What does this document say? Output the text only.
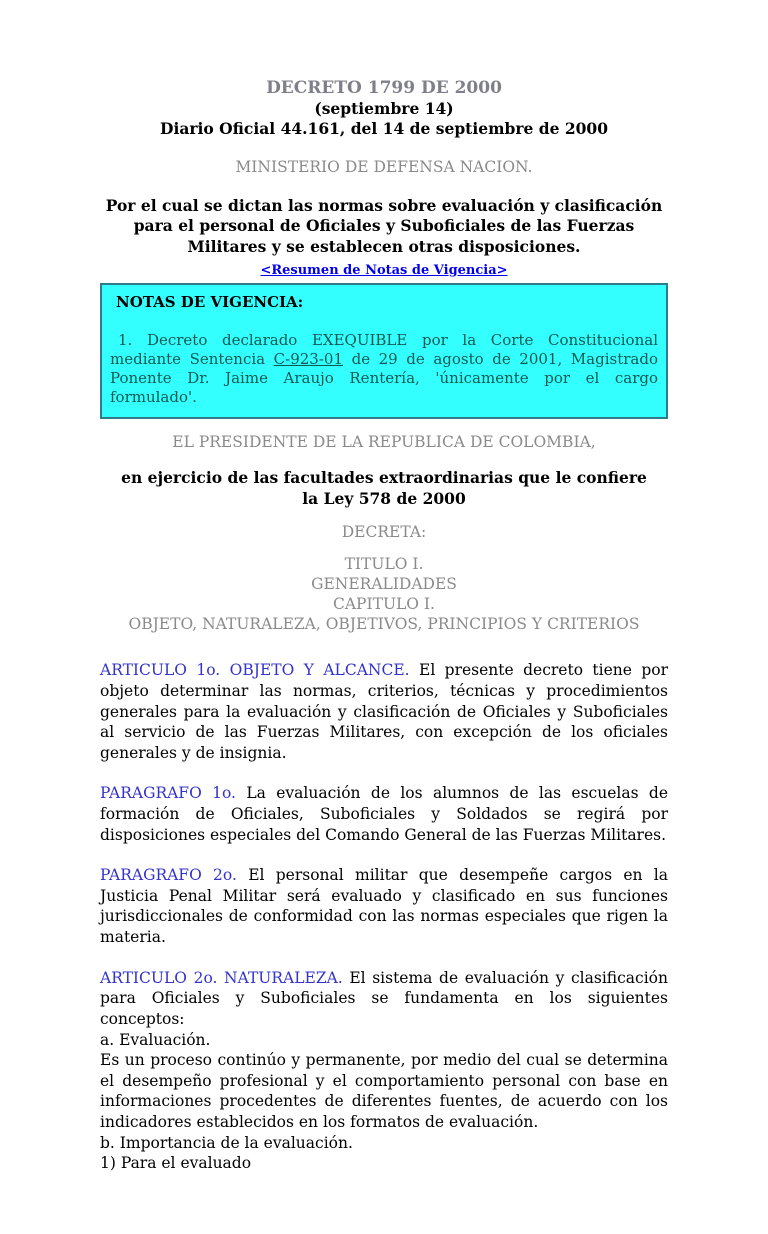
DECRETO 1799 DE 2000
(septiembre 14)
Diario Oficial 44.161, del 14 de septiembre de 2000
MINISTERIO DE DEFENSA NACION.

Por el cual se dictan las normas sobre evaluación y clasificación para el personal de Oficiales y Suboficiales de las Fuerzas Militares y se establecen otras disposiciones.

<Resumen de Notas de Vigencia>
NOTAS DE VIGENCIA:

1. Decreto declarado EXEQUIBLE por la Corte Constitucional mediante Sentencia C-923-01 de 29 de agosto de 2001, Magistrado Ponente Dr. Jaime Araujo Rentería, 'únicamente por el cargo formulado'.

EL PRESIDENTE DE LA REPUBLICA DE COLOMBIA,

en ejercicio de las facultades extraordinarias que le confiere
la Ley 578 de 2000

DECRETA:
TITULO I.
GENERALIDADES
CAPITULO I.
OBJETO, NATURALEZA, OBJETIVOS, PRINCIPIOS Y CRITERIOS

ARTICULO 1o. OBJETO Y ALCANCE. El presente decreto tiene por objeto determinar las normas, criterios, técnicas y procedimientos generales para la evaluación y clasificación de Oficiales y Suboficiales al servicio de las Fuerzas Militares, con excepción de los oficiales generales y de insignia.

PARAGRAFO 1o. La evaluación de los alumnos de las escuelas de formación de Oficiales, Suboficiales y Soldados se regirá por disposiciones especiales del Comando General de las Fuerzas Militares.

PARAGRAFO 2o. El personal militar que desempeñe cargos en la Justicia Penal Militar será evaluado y clasificado en sus funciones jurisdiccionales de conformidad con las normas especiales que rigen la materia.

ARTICULO 2o. NATURALEZA. El sistema de evaluación y clasificación para Oficiales y Suboficiales se fundamenta en los siguientes conceptos:
a. Evaluación.
Es un proceso continúo y permanente, por medio del cual se determina el desempeño profesional y el comportamiento personal con base en informaciones procedentes de diferentes fuentes, de acuerdo con los indicadores establecidos en los formatos de evaluación.
b. Importancia de la evaluación.
1) Para el evaluado
